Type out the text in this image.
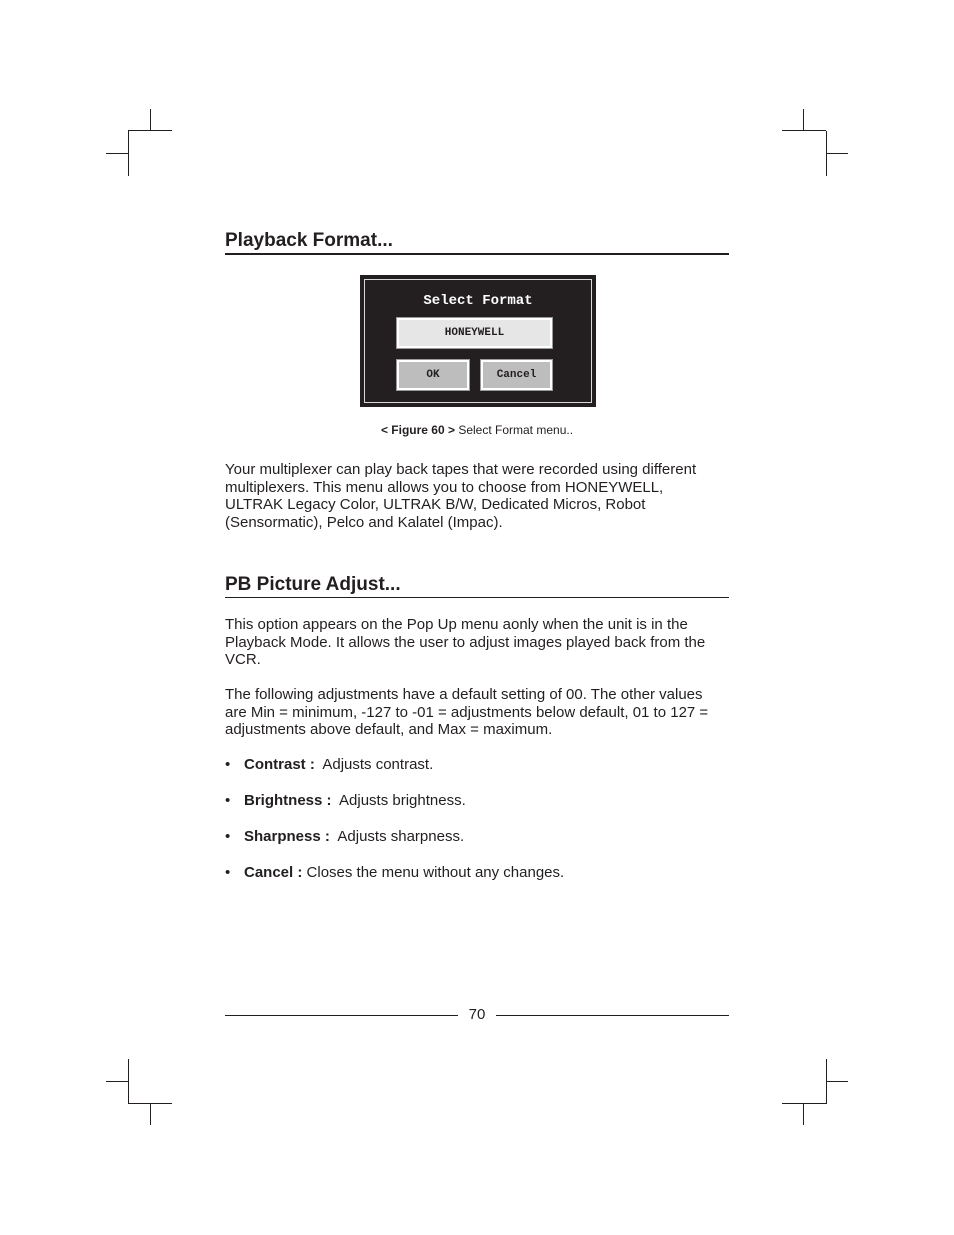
Playback Format...
Select Format
HONEYWELL
OK	Cancel
< Figure 60 > Select Format menu..

Your multiplexer can play back tapes that were recorded using different
multiplexers. This menu allows you to choose from HONEYWELL,
ULTRAK Legacy Color, ULTRAK B/W, Dedicated Micros, Robot
(Sensormatic), Pelco and Kalatel (Impac).

PB Picture Adjust...

This option appears on the Pop Up menu aonly when the unit is in the
Playback Mode. It allows the user to adjust images played back from the
VCR.

The following adjustments have a default setting of 00. The other values
are Min = minimum, -127 to -01 = adjustments below default, 01 to 127 =
adjustments above default, and Max = maximum.

• Contrast : Adjusts contrast.
• Brightness : Adjusts brightness.
• Sharpness : Adjusts sharpness.
• Cancel : Closes the menu without any changes.
70
